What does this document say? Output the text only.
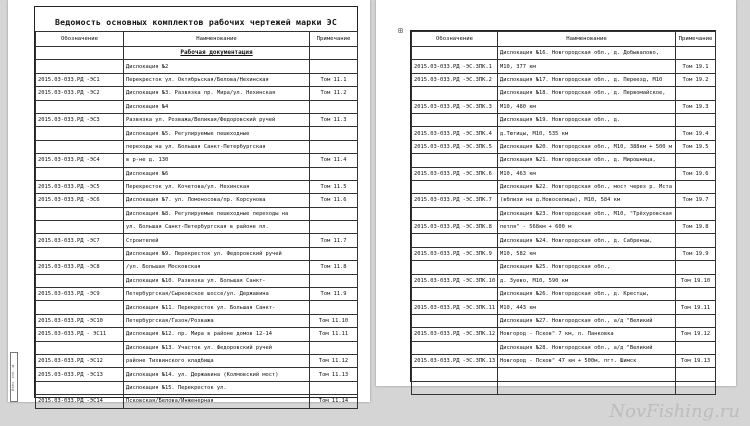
Ведомость основных комплектов рабочих чертежей марки ЭС
Обозначение	Наименование	Примечание
	Рабочая документация	
	Дислокация №2	
2015.03-033.РД -ЭС1	Перекресток ул. Октябрьская/Белова/Нехинская	Том 11.1
2015.03-033.РД -ЭС2	Дислокация №3. Развязка пр. Мира/ул. Нехинская	Том 11.2
	Дислокация №4	
2015.03-033.РД -ЭС3	Развязка ул. Розважа/Великая/Федоровский ручей	Том 11.3
	Дислокация №5. Регулируемые пешеходные	
	переходы на ул. Большая Санкт-Петербургская	
2015.03-033.РД -ЭС4	в р-не д. 130	Том 11.4
	Дислокация №6	
2015.03-033.РД -ЭС5	Перекресток ул. Кочетова/ул. Нехинская	Том 11.5
2015.03-033.РД -ЭС6	Дислокация №7. ул. Ломоносова/пр. Корсунова	Том 11.6
	Дислокация №8. Регулируемые пешеходные переходы на	
	ул. Большая Санкт-Петербургская в районе пл.	
2015.03-033.РД -ЭС7	Строителей	Том 11.7
	Дислокация №9. Перекресток ул. Федоровский ручей	
2015.03-033.РД -ЭС8	/ул. Большая Московская	Том 11.8
	Дислокация №10. Развязка ул. Большая Санкт-	
2015.03-033.РД -ЭС9	Петербургская/Сырковское шоссе/ул. Державина	Том 11.9
	Дислокация №11. Перекресток ул. Большая Санкт-	
2015.03-033.РД -ЭС10	Петербургская/Газон/Розважа	Том 11.10
2015.03-033.РД - ЭС11	Дислокация №12. пр. Мира в районе домов 12-14	Том 11.11
	Дислокация №13. Участок ул. Федоровский ручей	
2015.03-033.РД -ЭС12	районе Тихвинского кладбища	Том 11.12
2015.03-033.РД -ЭС13	Дислокация №14. ул. Державина (Колмовский мост)	Том 11.13
	Дислокация №15. Перекресток ул.	
2015.03-033.РД -ЭС14	Псковская/Белова/Инженерная	Том 11.14
Взам. инв. №
⊞
Обозначение	Наименование	Примечание
	Дислокация №16. Новгородская обл., д. Добывалово,	
2015.03-033.РД -ЭС.ЗПК.1	М10, 377 км	Том 19.1
2015.03-033.РД -ЭС.ЗПК.2	Дислокация №17. Новгородская обл., д. Переезд, М10	Том 19.2
	Дислокация №18. Новгородская обл., д. Первомайское,	
2015.03-033.РД -ЭС.ЗПК.3	М10, 480 км	Том 19.3
	Дислокация №19. Новгородская обл., д.	
2015.03-033.РД -ЭС.ЗПК.4	д.Тютицы, М10, 535 км	Том 19.4
2015.03-033.РД -ЭС.ЗПК.5	Дислокация №20. Новгородская обл., М10, 388км + 500 м	Том 19.5
	Дислокация №21. Новгородская обл., д. Мирошница,	
2015.03-033.РД -ЭС.ЗПК.6	М10, 463 км	Том 19.6
	Дислокация №22. Новгородская обл., мост через р. Мста	
2015.03-033.РД -ЭС.ЗПК.7	(вблизи на д.Новоселицы), М10, 584 км	Том 19.7
	Дислокация №23. Новгородская обл., М10, "Трёхуровская	
2015.03-033.РД -ЭС.ЗПК.8	петля" - 568км + 600 м	Том 19.8
	Дислокация №24. Новгородская обл., д. Сабренцы,	
2015.03-033.РД -ЭС.ЗПК.9	М10, 582 км	Том 19.9
	Дислокация №25. Новгородская обл.,	
2015.03-033.РД -ЭС.ЗПК.10	д. Зуево, М10, 590 км	Том 19.10
	Дислокация №26. Новгородская обл., д. Крестцы,	
2015.03-033.РД -ЭС.ЗПК.11	М10, 443 км	Том 19.11
	Дислокация №27. Новгородская обл., а/д "Великий	
2015.03-033.РД -ЭС.ЗПК.12	Новгород - Псков" 7 км, п. Панковка	Том 19.12
	Дислокация №28. Новгородская обл., а/д "Великий	
2015.03-033.РД -ЭС.ЗПК.13	Новгород - Псков" 47 км + 500м, пгт. Шимск	Том 19.13

NovFishing.ru
